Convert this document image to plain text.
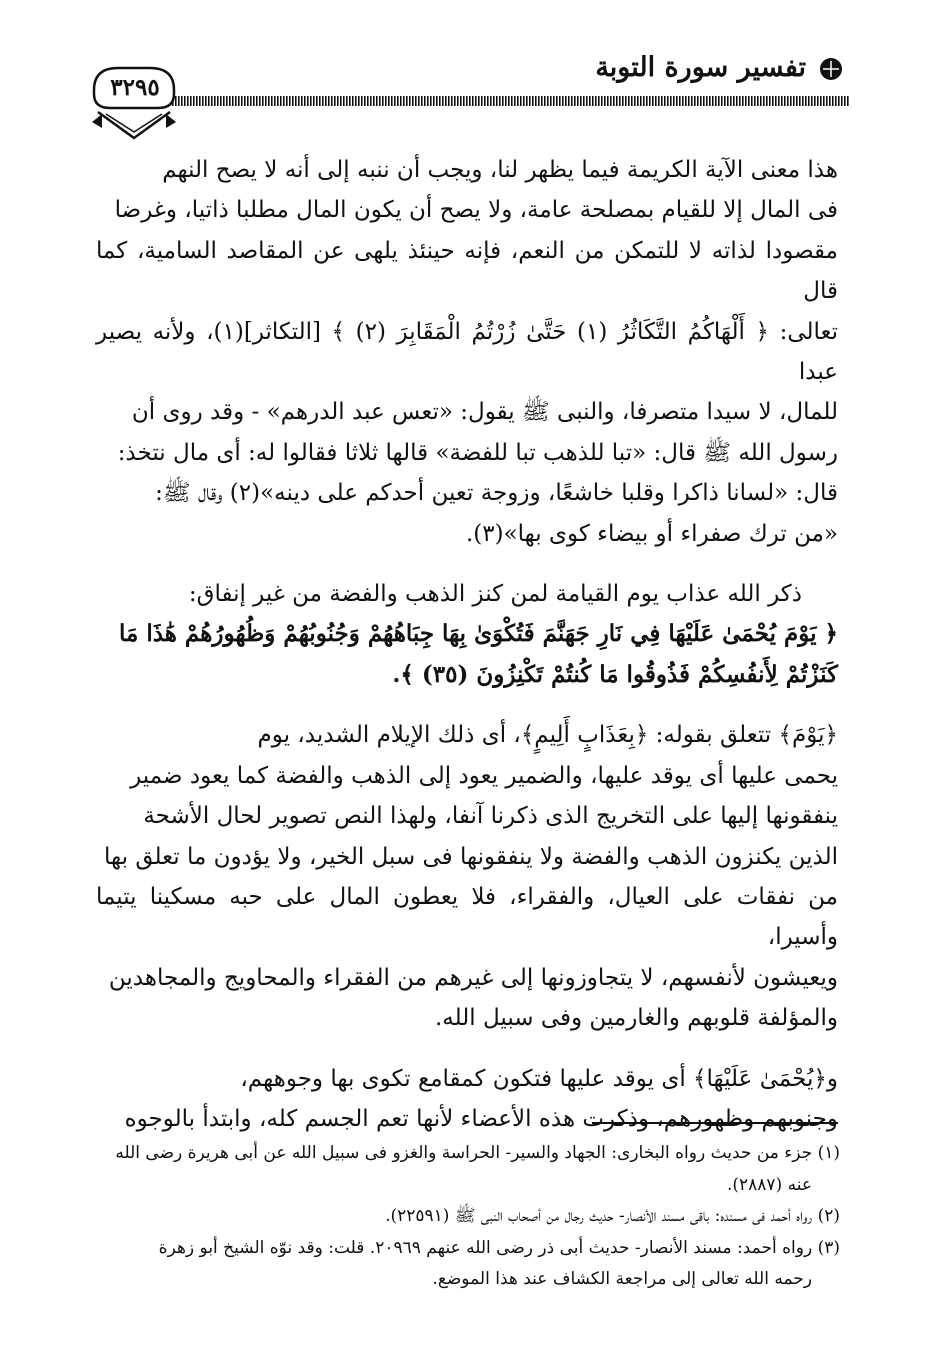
تفسير سورة التوبة
٣٢٩٥

هذا معنى الآية الكريمة فيما يظهر لنا، ويجب أن ننبه إلى أنه لا يصح النهم

فى المال إلا للقيام بمصلحة عامة، ولا يصح أن يكون المال مطلبا ذاتيا، وغرضا

مقصودا لذاته لا للتمكن من النعم، فإنه حينئذ يلهى عن المقاصد السامية، كما قال

تعالى: ﴿ أَلْهَاكُمُ التَّكَاثُرُ (١) حَتَّىٰ زُرْتُمُ الْمَقَابِرَ (٢) ﴾ [التكاثر](١)، ولأنه يصير عبدا

للمال، لا سيدا متصرفا، والنبى ﷺ يقول: «تعس عبد الدرهم» - وقد روى أن

رسول الله ﷺ قال: «تبا للذهب تبا للفضة» قالها ثلاثا فقالوا له: أى مال نتخذ:

قال: «لسانا ذاكرا وقلبا خاشعًا، وزوجة تعين أحدكم على دينه»(٢) وقال ﷺ:

«من ترك صفراء أو بيضاء كوى بها»(٣).

ذكر الله عذاب يوم القيامة لمن كنز الذهب والفضة من غير إنفاق:

﴿ يَوْمَ يُحْمَىٰ عَلَيْهَا فِي نَارِ جَهَنَّمَ فَتُكْوَىٰ بِهَا جِبَاهُهُمْ وَجُنُوبُهُمْ وَظُهُورُهُمْ هَٰذَا مَا

كَنَزْتُمْ لِأَنفُسِكُمْ فَذُوقُوا مَا كُنتُمْ تَكْنِزُونَ (٣٥) ﴾.

﴿يَوْمَ﴾ تتعلق بقوله: ﴿بِعَذَابٍ أَلِيمٍ﴾، أى ذلك الإيلام الشديد، يوم

يحمى عليها أى يوقد عليها، والضمير يعود إلى الذهب والفضة كما يعود ضمير

ينفقونها إليها على التخريج الذى ذكرنا آنفا، ولهذا النص تصوير لحال الأشحة

الذين يكنزون الذهب والفضة ولا ينفقونها فى سبل الخير، ولا يؤدون ما تعلق بها

من نفقات على العيال، والفقراء، فلا يعطون المال على حبه مسكينا يتيما وأسيرا،

ويعيشون لأنفسهم، لا يتجاوزونها إلى غيرهم من الفقراء والمحاويج والمجاهدين

والمؤلفة قلوبهم والغارمين وفى سبيل الله.

و﴿يُحْمَىٰ عَلَيْهَا﴾ أى يوقد عليها فتكون كمقامع تكوى بها وجوههم،

وجنوبهم وظهورهم، وذكرت هذه الأعضاء لأنها تعم الجسم كله، وابتدأ بالوجوه

(١) جزء من حديث رواه البخارى: الجهاد والسير- الحراسة والغزو فى سبيل الله عن أبى هريرة رضى الله

عنه (٢٨٨٧).

(٢) رواه أحمد فى مسنده: باقى مسند الأنصار- حديث رجال من أصحاب النبى ﷺ (٢٢٥٩١).

(٣) رواه أحمد: مسند الأنصار- حديث أبى ذر رضى الله عنهم ٢٠٩٦٩. قلت: وقد نوّه الشيخ أبو زهرة

رحمه الله تعالى إلى مراجعة الكشاف عند هذا الموضع.
